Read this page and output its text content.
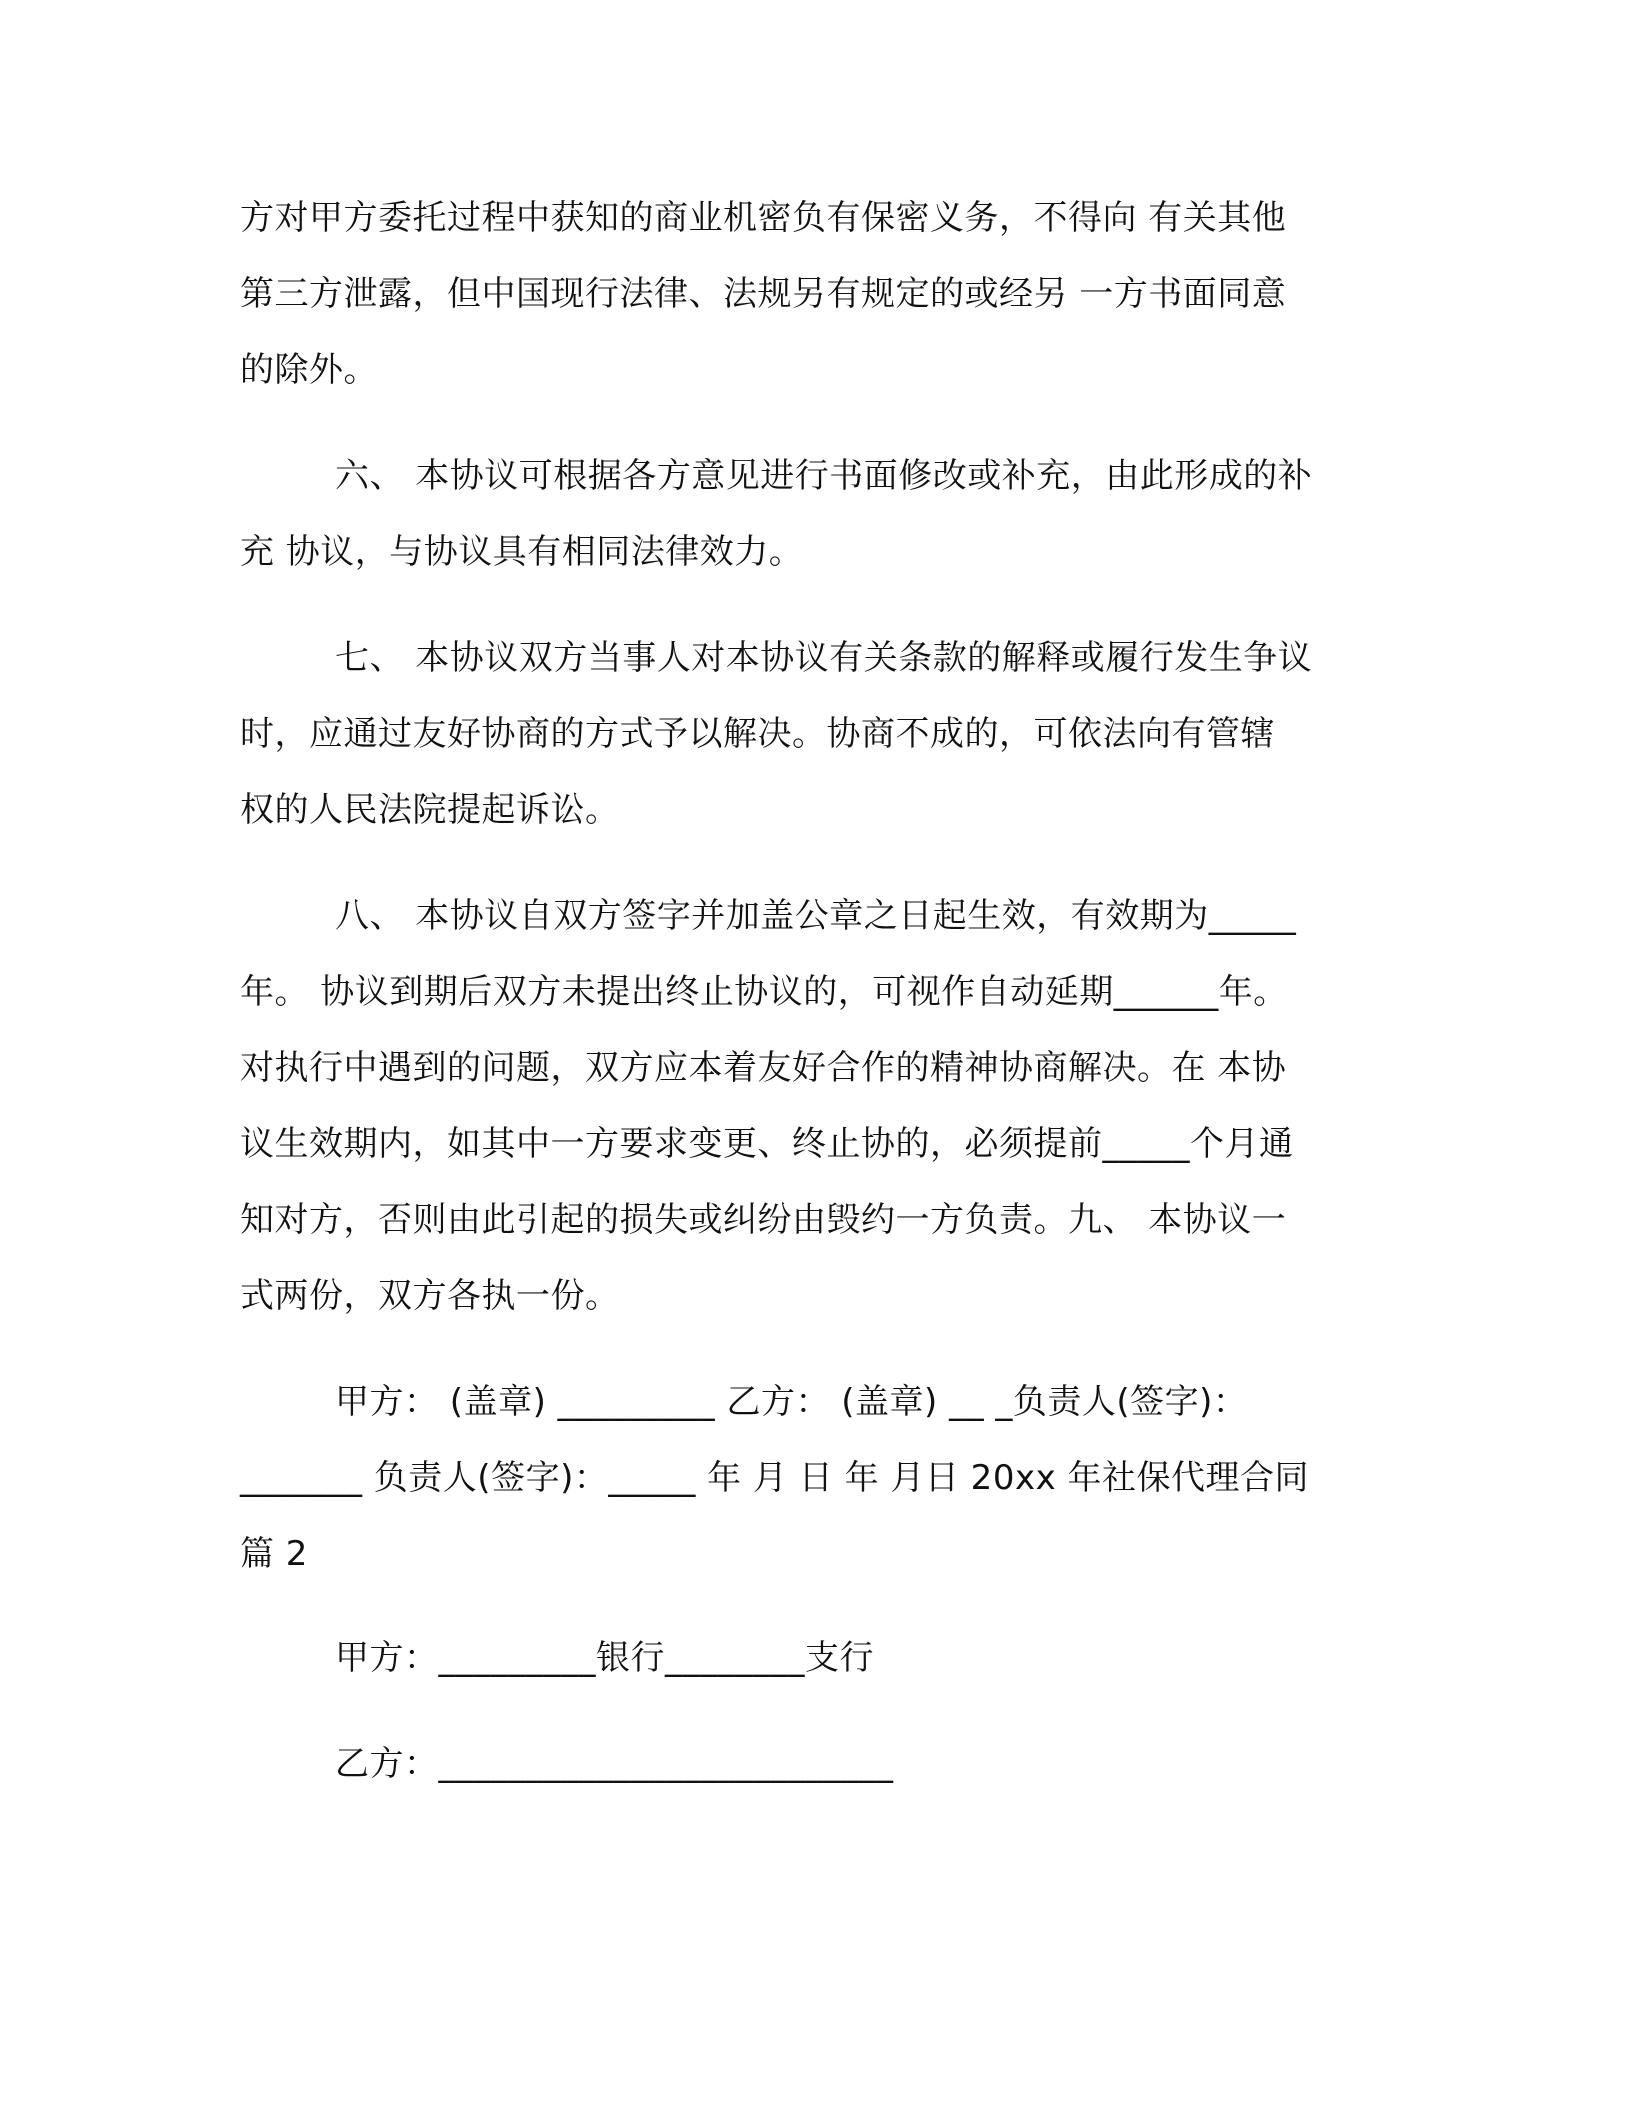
方对甲方委托过程中获知的商业机密负有保密义务，不得向 有关其他

第三方泄露，但中国现行法律、法规另有规定的或经另 一方书面同意

的除外。

六、 本协议可根据各方意见进行书面修改或补充，由此形成的补

充 协议，与协议具有相同法律效力。

七、 本协议双方当事人对本协议有关条款的解释或履行发生争议

时，应通过友好协商的方式予以解决。协商不成的，可依法向有管辖

权的人民法院提起诉讼。

八、 本协议自双方签字并加盖公章之日起生效，有效期为_____

年。 协议到期后双方未提出终止协议的，可视作自动延期______年。

对执行中遇到的问题，双方应本着友好合作的精神协商解决。在 本协

议生效期内，如其中一方要求变更、终止协的，必须提前_____个月通

知对方，否则由此引起的损失或纠纷由毁约一方负责。九、 本协议一

式两份，双方各执一份。

甲方： (盖章) _________ 乙方： (盖章) __ _负责人(签字)：

_______ 负责人(签字)：_____ 年 月 日 年 月日 20xx 年社保代理合同

篇 2

甲方：_________银行________支行

乙方：__________________________
